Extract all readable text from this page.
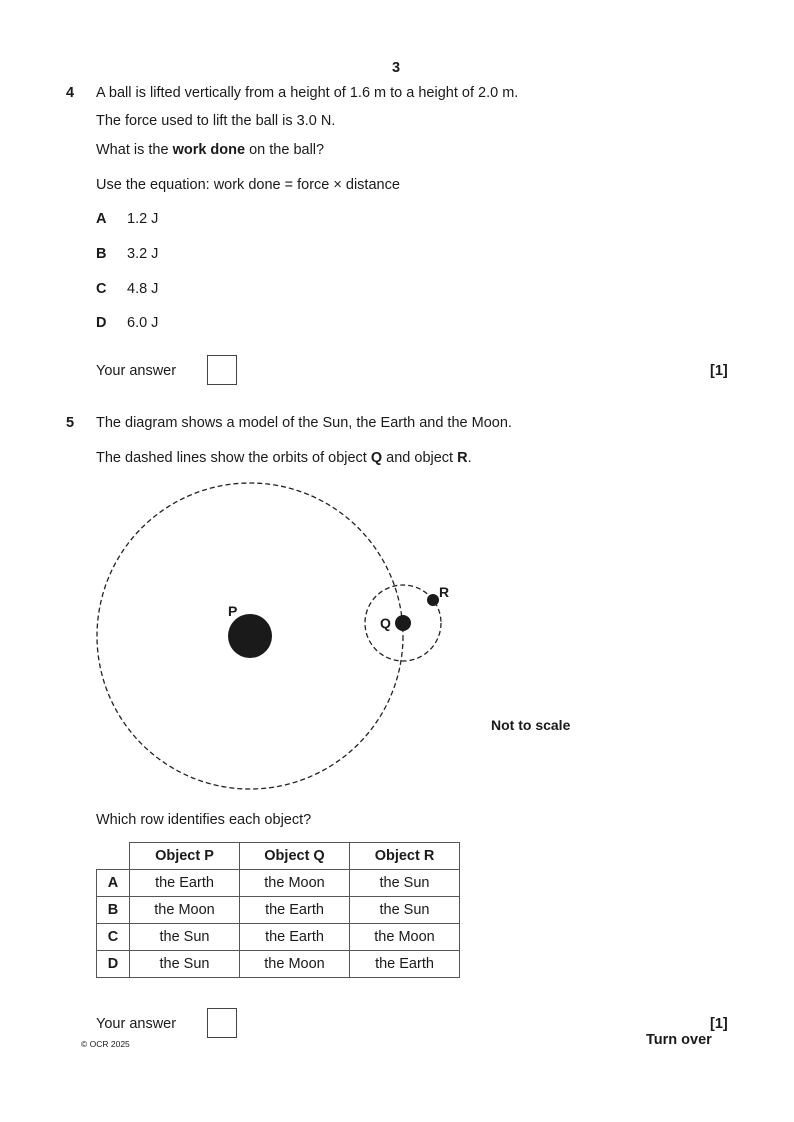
3
4 A ball is lifted vertically from a height of 1.6 m to a height of 2.0 m.
The force used to lift the ball is 3.0 N.
What is the work done on the ball?
Use the equation: work done = force × distance
A 1.2 J
B 3.2 J
C 4.8 J
D 6.0 J
Your answer	[1]
5 The diagram shows a model of the Sun, the Earth and the Moon.
The dashed lines show the orbits of object Q and object R.
P
Q
R
Not to scale
Which row identifies each object?
	Object P	Object Q	Object R
A	the Earth	the Moon	the Sun
B	the Moon	the Earth	the Sun
C	the Sun	the Earth	the Moon
D	the Sun	the Moon	the Earth
Your answer	[1]
© OCR 2025	Turn over
